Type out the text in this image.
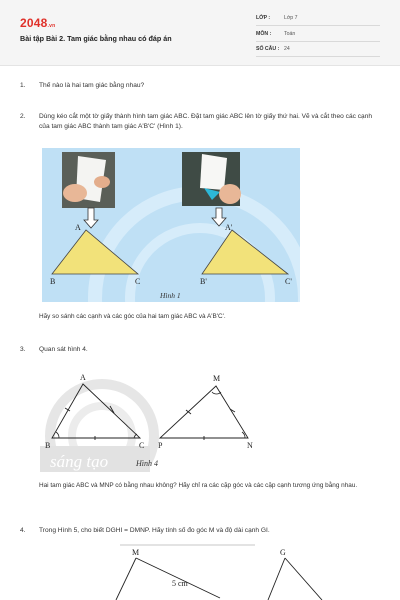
2048.vn
Bài tập Bài 2. Tam giác bằng nhau có đáp án
LỚP :	Lớp 7
MÔN : Toán
SỐ CÂU : 24
1. Thế nào là hai tam giác bằng nhau?
2. Dùng kéo cắt một tờ giấy thành hình tam giác ABC. Đặt tam giác ABC lên tờ giấy thứ hai. Vẽ và cắt theo các cạnh của tam giác ABC thành tam giác A'B'C' (Hình 1).
A
B	C
A'
B'	C'
Hình 1
Hãy so sánh các cạnh và các góc của hai tam giác ABC và A'B'C'.
3. Quan sát hình 4.
sáng tạo
A
B	C
M
N
P
Hình 4
Hai tam giác ABC và MNP có bằng nhau không? Hãy chỉ ra các cặp góc và các cặp cạnh tương ứng bằng nhau.
4. Trong Hình 5, cho biết DGHI = DMNP. Hãy tính số đo góc M và độ dài cạnh GI.
M
5 cm
G
